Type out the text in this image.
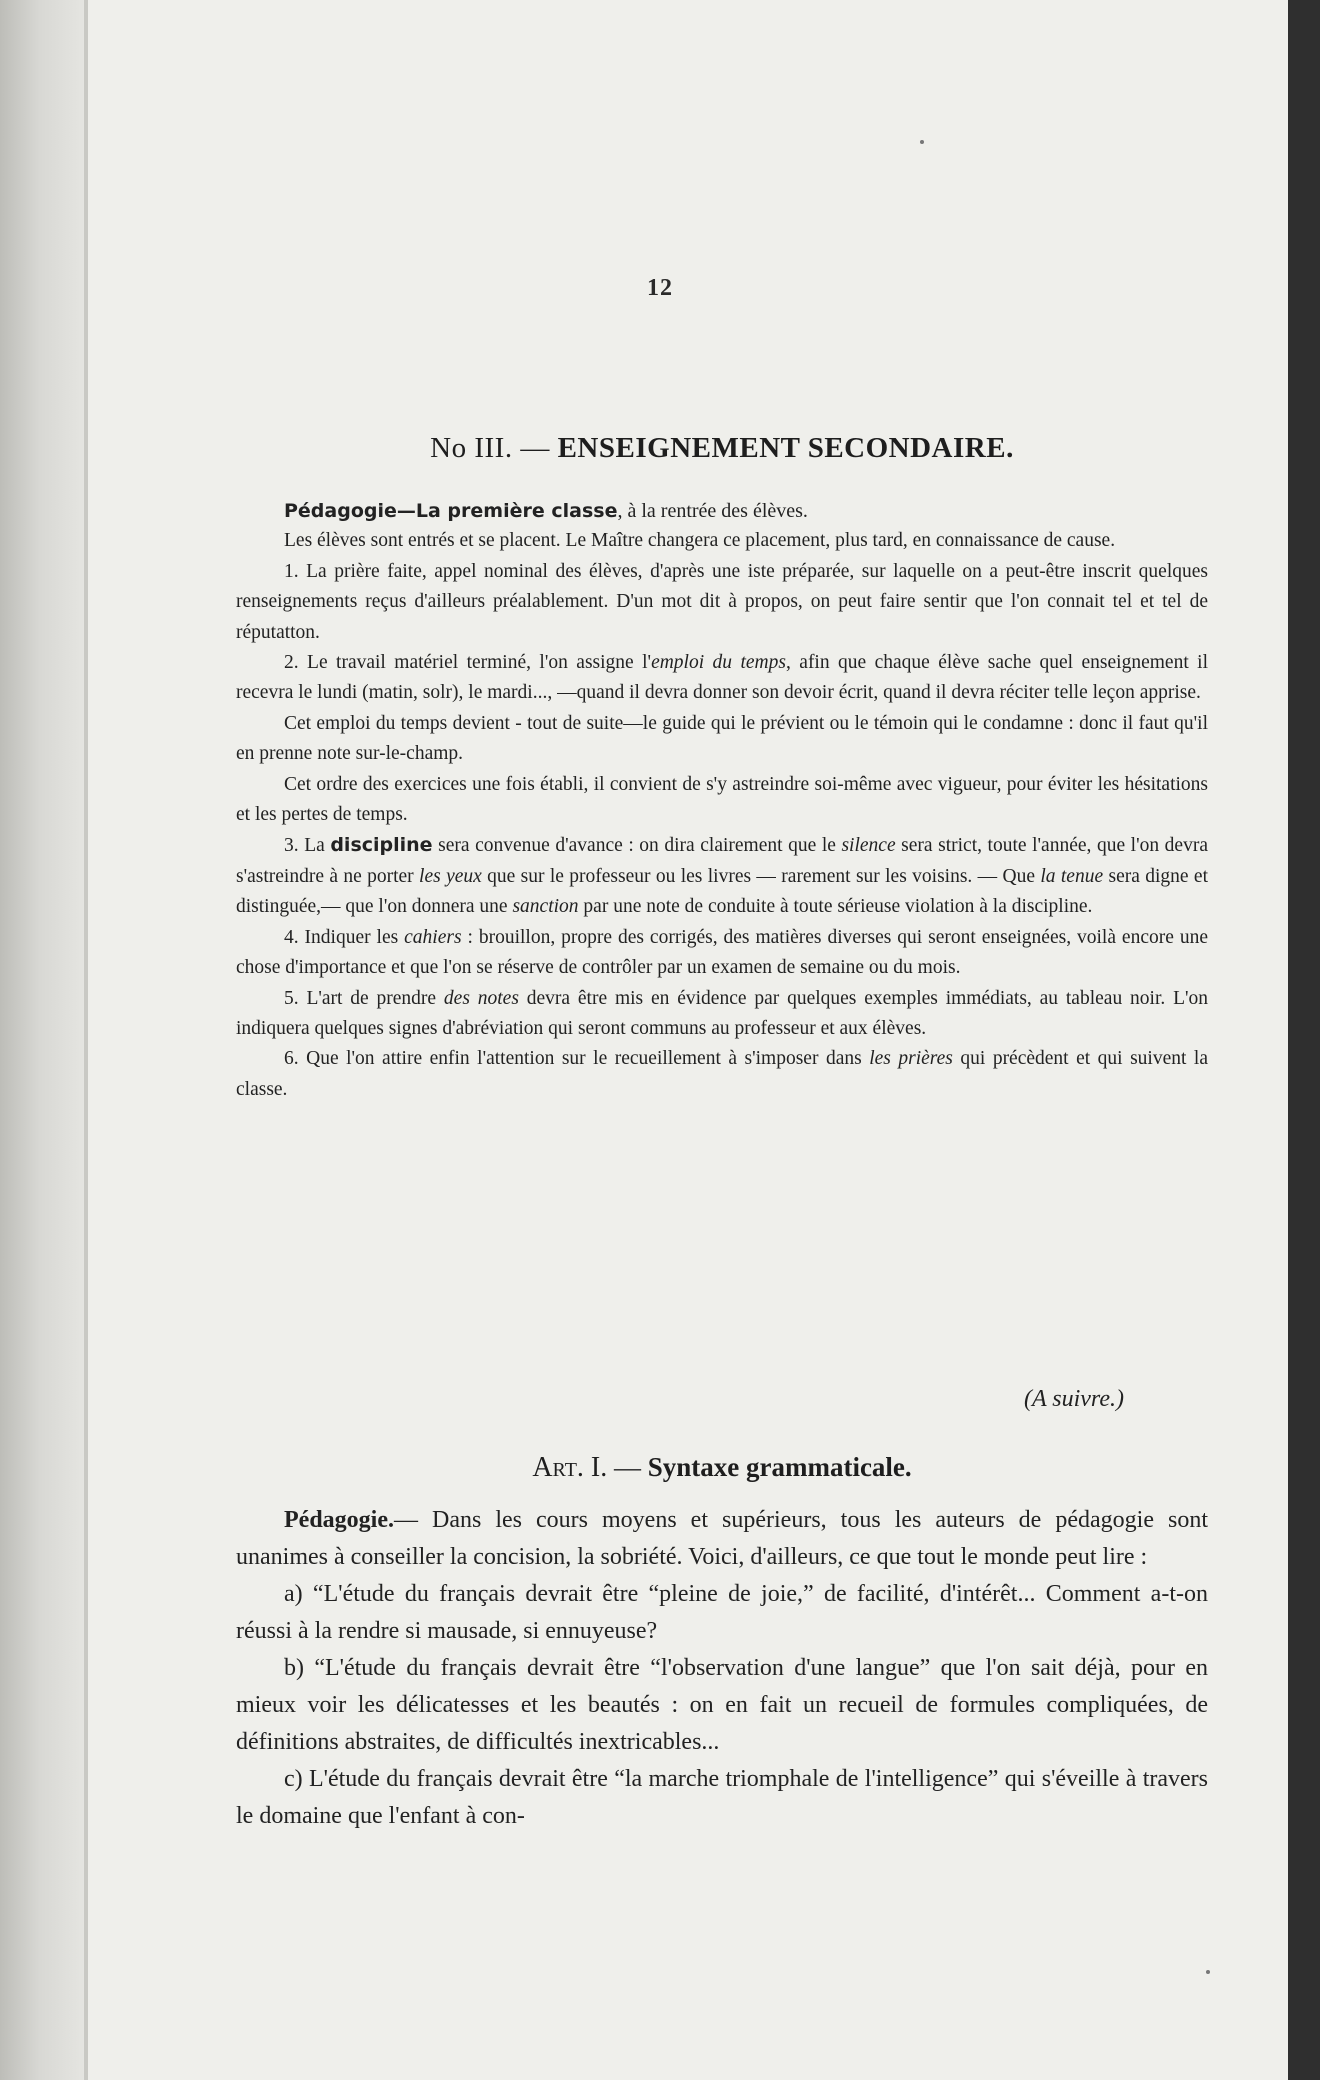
12
No III. — ENSEIGNEMENT SECONDAIRE.

Pédagogie—La première classe, à la rentrée des élèves.

Les élèves sont entrés et se placent. Le Maître changera ce placement, plus tard, en connaissance de cause.

1. La prière faite, appel nominal des élèves, d'après une iste préparée, sur laquelle on a peut-être inscrit quelques renseignements reçus d'ailleurs préalablement. D'un mot dit à propos, on peut faire sentir que l'on connait tel et tel de réputatton.

2. Le travail matériel terminé, l'on assigne l'emploi du temps, afin que chaque élève sache quel enseignement il recevra le lundi (matin, solr), le mardi..., —quand il devra donner son devoir écrit, quand il devra réciter telle leçon apprise.

Cet emploi du temps devient - tout de suite—le guide qui le prévient ou le témoin qui le condamne : donc il faut qu'il en prenne note sur-le-champ.

Cet ordre des exercices une fois établi, il convient de s'y astreindre soi-même avec vigueur, pour éviter les hésitations et les pertes de temps.

3. La discipline sera convenue d'avance : on dira clairement que le silence sera strict, toute l'année, que l'on devra s'astreindre à ne porter les yeux que sur le professeur ou les livres — rarement sur les voisins. — Que la tenue sera digne et distinguée,— que l'on donnera une sanction par une note de conduite à toute sérieuse violation à la discipline.

4. Indiquer les cahiers : brouillon, propre des corrigés, des matières diverses qui seront enseignées, voilà encore une chose d'importance et que l'on se réserve de contrôler par un examen de semaine ou du mois.

5. L'art de prendre des notes devra être mis en évidence par quelques exemples immédiats, au tableau noir. L'on indiquera quelques signes d'abréviation qui seront communs au professeur et aux élèves.

6. Que l'on attire enfin l'attention sur le recueillement à s'imposer dans les prières qui précèdent et qui suivent la classe.

(A suivre.)
Art. I. — Syntaxe grammaticale.

Pédagogie.— Dans les cours moyens et supérieurs, tous les auteurs de pédagogie sont unanimes à conseiller la concision, la sobriété. Voici, d'ailleurs, ce que tout le monde peut lire :

a) “L'étude du français devrait être “pleine de joie,” de facilité, d'intérêt... Comment a-t-on réussi à la rendre si mausade, si ennuyeuse?

b) “L'étude du français devrait être “l'observation d'une langue” que l'on sait déjà, pour en mieux voir les délicatesses et les beautés : on en fait un recueil de formules compliquées, de définitions abstraites, de difficultés inextricables...

c) L'étude du français devrait être “la marche triomphale de l'intelligence” qui s'éveille à travers le domaine que l'enfant à con-
